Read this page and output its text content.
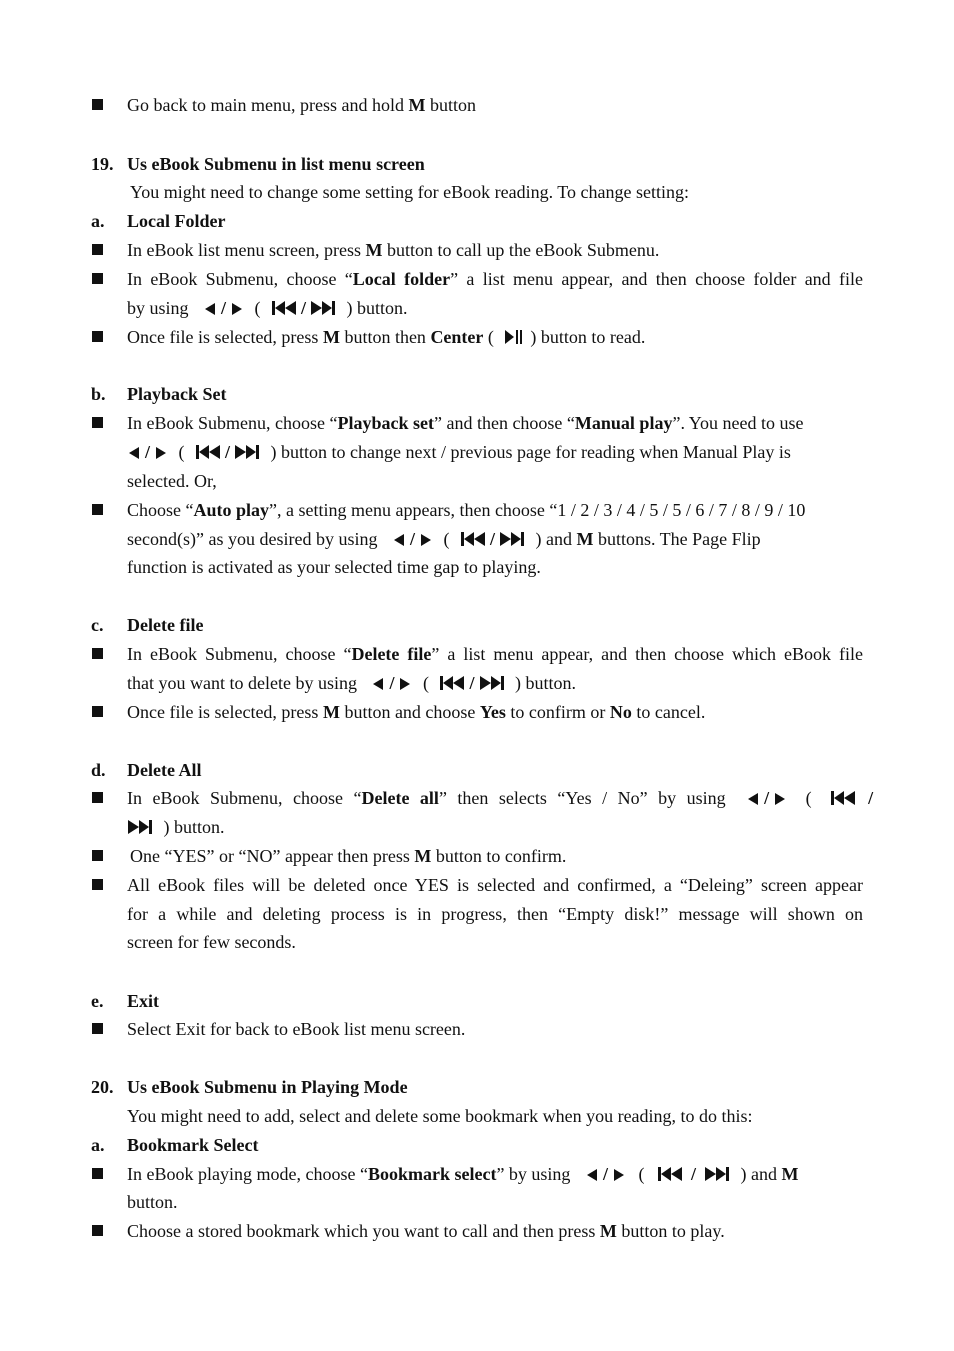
Go back to main menu, press and hold M button
19. Us eBook Submenu in list menu screen
You might need to change some setting for eBook reading. To change setting:
a. Local Folder
In eBook list menu screen, press M button to call up the eBook Submenu.
In eBook Submenu, choose “Local folder” a list menu appear, and then choose folder and file
by using / ( / ) button.
Once file is selected, press M button then Center ( ) button to read.
b. Playback Set
In eBook Submenu, choose “Playback set” and then choose “Manual play”. You need to use
/ ( / ) button to change next / previous page for reading when Manual Play is
selected. Or,
Choose “Auto play”, a setting menu appears, then choose “1 / 2 / 3 / 4 / 5 / 5 / 6 / 7 / 8 / 9 / 10
second(s)” as you desired by using / ( / ) and M buttons. The Page Flip
function is activated as your selected time gap to playing.
c. Delete file
In eBook Submenu, choose “Delete file” a list menu appear, and then choose which eBook file
that you want to delete by using / ( / ) button.
Once file is selected, press M button and choose Yes to confirm or No to cancel.
d. Delete All
In eBook Submenu, choose “Delete all” then selects “Yes / No” by using / (	/
) button.
One “YES” or “NO” appear then press M button to confirm.
All eBook files will be deleted once YES is selected and confirmed, a “Deleing” screen appear
for a while and deleting process is in progress, then “Empty disk!” message will shown on
screen for few seconds.
e. Exit
Select Exit for back to eBook list menu screen.
20. Us eBook Submenu in Playing Mode
You might need to add, select and delete some bookmark when you reading, to do this:
a. Bookmark Select
In eBook playing mode, choose “Bookmark select” by using / (	/ ) and M
button.
Choose a stored bookmark which you want to call and then press M button to play.
